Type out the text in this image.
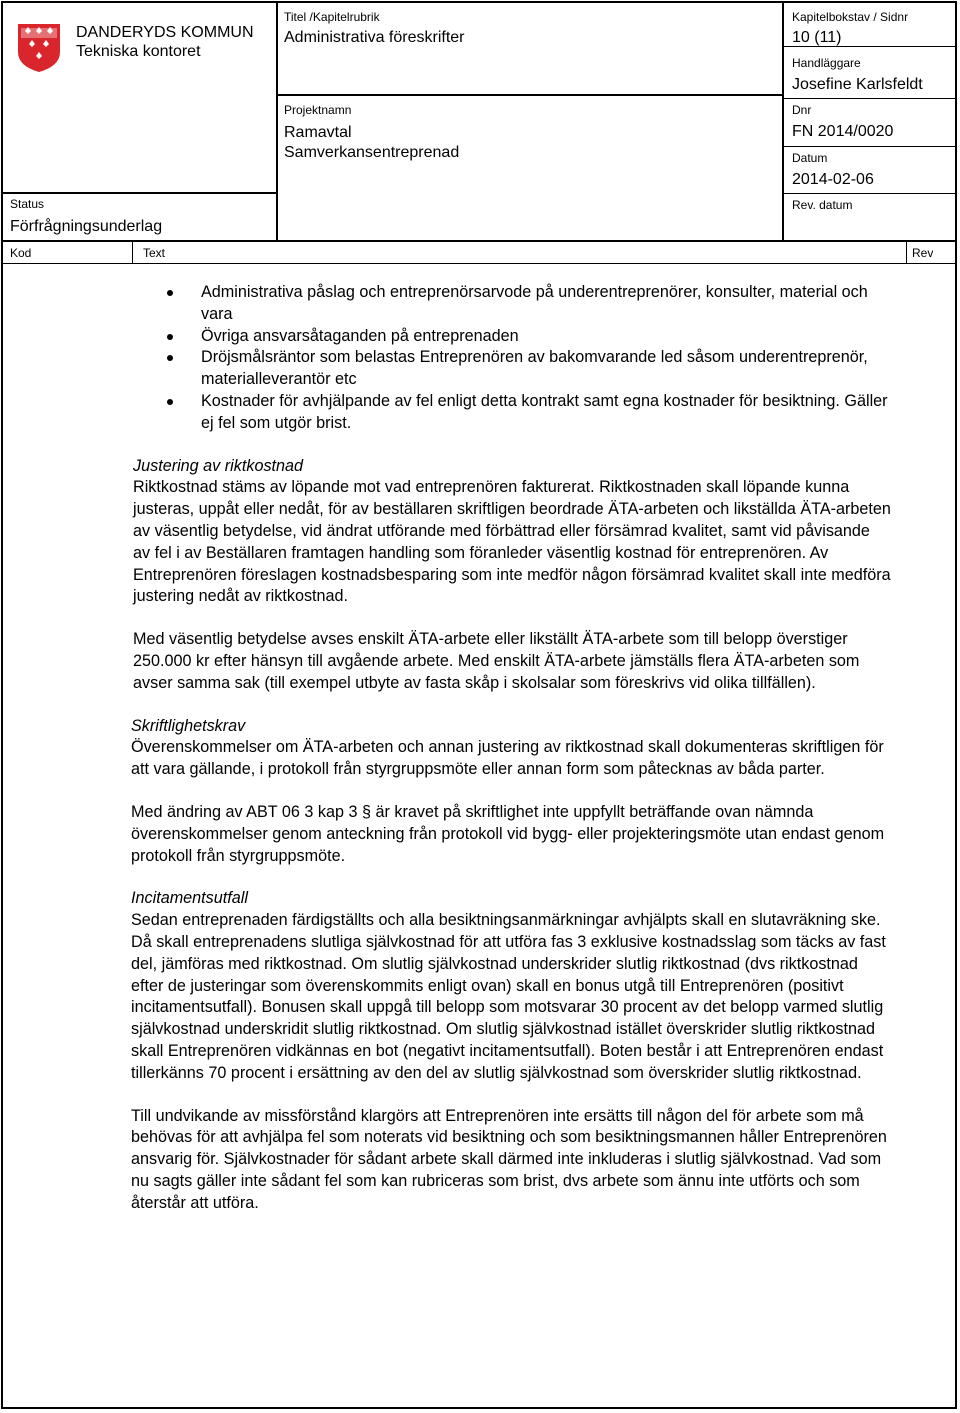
DANDERYDS KOMMUN
Tekniska kontoret
Status
Förfrågningsunderlag
Titel /Kapitelrubrik
Administrativa föreskrifter
Projektnamn
Ramavtal
Samverkansentreprenad
Kapitelbokstav / Sidnr
10 (11)
Handläggare
Josefine Karlsfeldt
Dnr
FN 2014/0020
Datum
2014-02-06
Rev. datum
Kod	Text	Rev
Administrativa påslag och entreprenörsarvode på underentreprenörer, konsulter, material och vara
Övriga ansvarsåtaganden på entreprenaden
Dröjsmålsräntor som belastas Entreprenören av bakomvarande led såsom underentreprenör, materialleverantör etc
Kostnader för avhjälpande av fel enligt detta kontrakt samt egna kostnader för besiktning. Gäller ej fel som utgör brist.

Justering av riktkostnad

Riktkostnad stäms av löpande mot vad entreprenören fakturerat. Riktkostnaden skall löpande kunna justeras, uppåt eller nedåt, för av beställaren skriftligen beordrade ÄTA-arbeten och likställda ÄTA-arbeten av väsentlig betydelse, vid ändrat utförande med förbättrad eller försämrad kvalitet, samt vid påvisande av fel i av Beställaren framtagen handling som föranleder väsentlig kostnad för entreprenören. Av Entreprenören föreslagen kostnadsbesparing som inte medför någon försämrad kvalitet skall inte medföra justering nedåt av riktkostnad.

Med väsentlig betydelse avses enskilt ÄTA-arbete eller likställt ÄTA-arbete som till belopp överstiger 250.000 kr efter hänsyn till avgående arbete. Med enskilt ÄTA-arbete jämställs flera ÄTA-arbeten som avser samma sak (till exempel utbyte av fasta skåp i skolsalar som föreskrivs vid olika tillfällen).

Skriftlighetskrav

Överenskommelser om ÄTA-arbeten och annan justering av riktkostnad skall dokumenteras skriftligen för att vara gällande, i protokoll från styrgruppsmöte eller annan form som påtecknas av båda parter.

Med ändring av ABT 06 3 kap 3 § är kravet på skriftlighet inte uppfyllt beträffande ovan nämnda överenskommelser genom anteckning från protokoll vid bygg- eller projekteringsmöte utan endast genom protokoll från styrgruppsmöte.

Incitamentsutfall

Sedan entreprenaden färdigställts och alla besiktningsanmärkningar avhjälpts skall en slutavräkning ske. Då skall entreprenadens slutliga självkostnad för att utföra fas 3 exklusive kostnadsslag som täcks av fast del, jämföras med riktkostnad. Om slutlig självkostnad underskrider slutlig riktkostnad (dvs riktkostnad efter de justeringar som överenskommits enligt ovan) skall en bonus utgå till Entreprenören (positivt incitamentsutfall). Bonusen skall uppgå till belopp som motsvarar 30 procent av det belopp varmed slutlig självkostnad underskridit slutlig riktkostnad. Om slutlig självkostnad istället överskrider slutlig riktkostnad skall Entreprenören vidkännas en bot (negativt incitamentsutfall). Boten består i att Entreprenören endast tillerkänns 70 procent i ersättning av den del av slutlig självkostnad som överskrider slutlig riktkostnad.

Till undvikande av missförstånd klargörs att Entreprenören inte ersätts till någon del för arbete som må behövas för att avhjälpa fel som noterats vid besiktning och som besiktningsmannen håller Entreprenören ansvarig för. Självkostnader för sådant arbete skall därmed inte inkluderas i slutlig självkostnad. Vad som nu sagts gäller inte sådant fel som kan rubriceras som brist, dvs arbete som ännu inte utförts och som återstår att utföra.
